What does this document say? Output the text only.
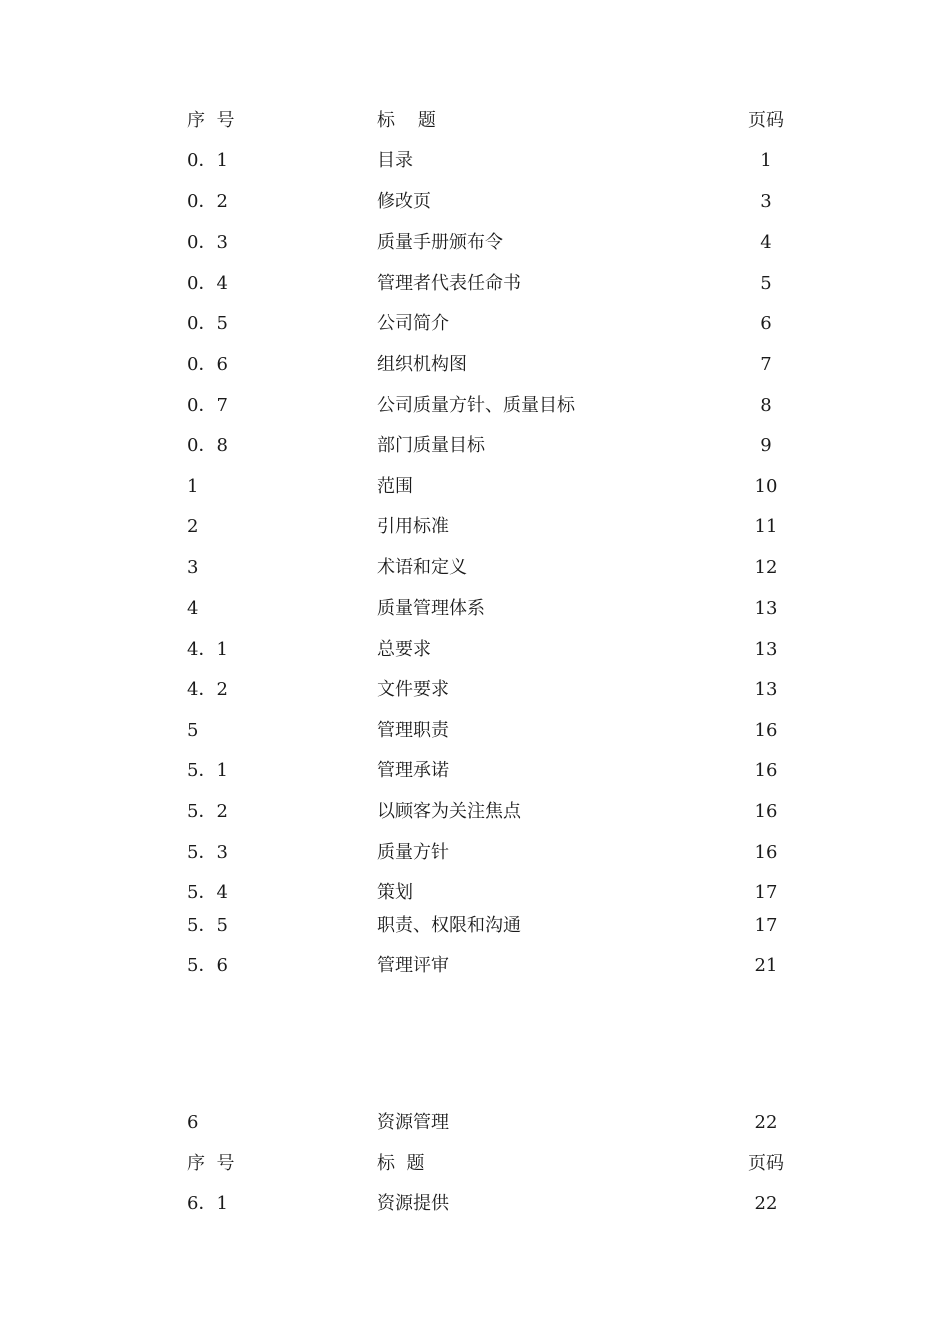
序  号	标    题	页码
0．1	目录	1
0．2	修改页	3
0．3	质量手册颁布令	4
0．4	管理者代表任命书	5
0．5	公司简介	6
0．6	组织机构图	7
0．7	公司质量方针、质量目标	8
0．8	部门质量目标	9
1	范围	10
2	引用标准	11
3	术语和定义	12
4	质量管理体系	13
4．1	总要求	13
4．2	文件要求	13
5	管理职责	16
5．1	管理承诺	16
5．2	以顾客为关注焦点	16
5．3	质量方针	16
5．4	策划	17
5．5	职责、权限和沟通	17
5．6	管理评审	21
6	资源管理	22
序  号	标  题	页码
6．1	资源提供	22
